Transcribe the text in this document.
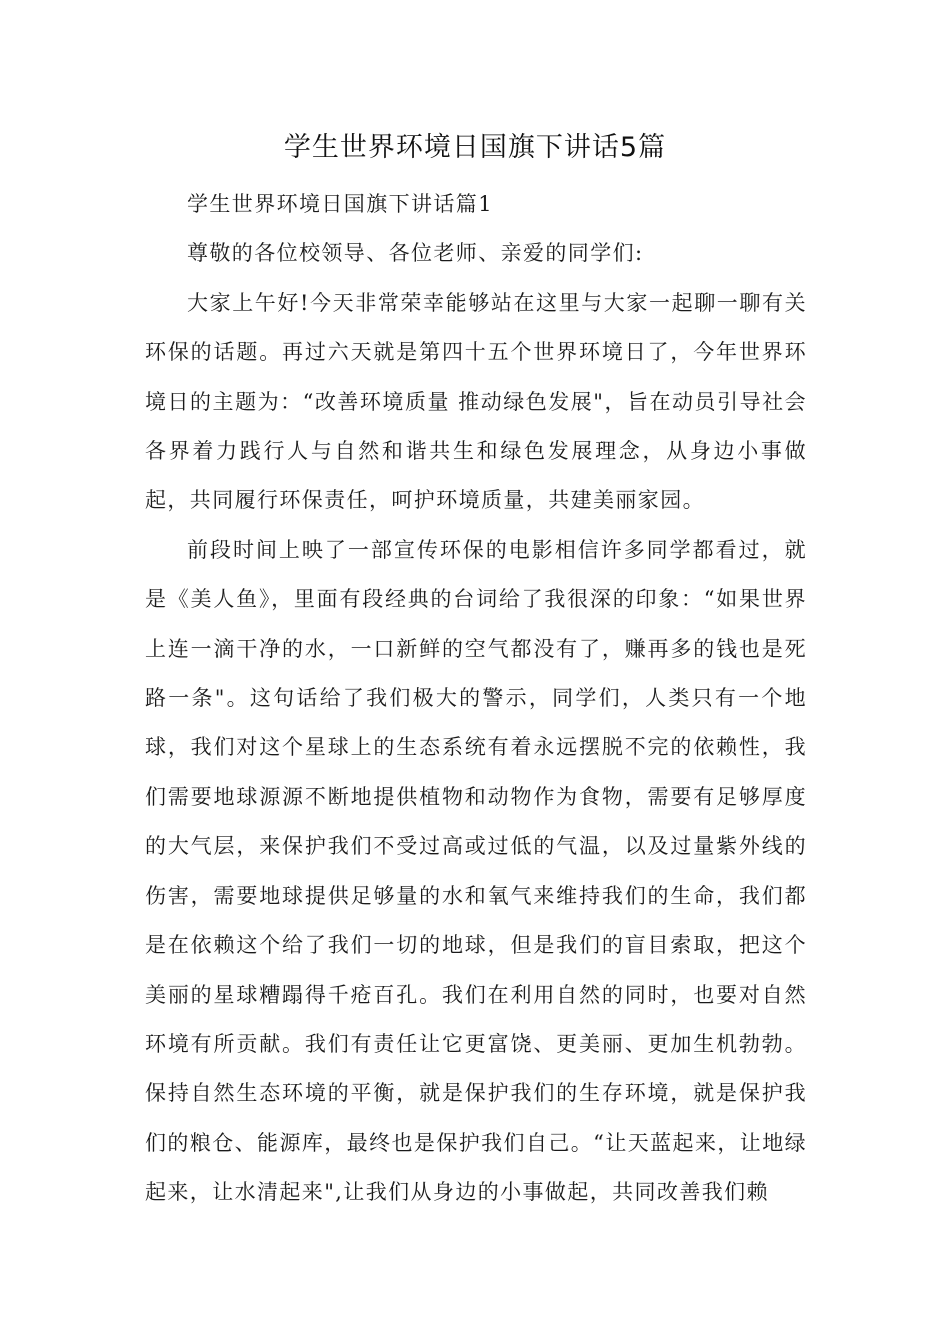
学生世界环境日国旗下讲话5篇

学生世界环境日国旗下讲话篇1

尊敬的各位校领导、各位老师、亲爱的同学们:

大家上午好!今天非常荣幸能够站在这里与大家一起聊一聊有关环保的话题。再过六天就是第四十五个世界环境日了，今年世界环境日的主题为：“改善环境质量 推动绿色发展"，旨在动员引导社会各界着力践行人与自然和谐共生和绿色发展理念，从身边小事做起，共同履行环保责任，呵护环境质量，共建美丽家园。

前段时间上映了一部宣传环保的电影相信许多同学都看过，就是《美人鱼》，里面有段经典的台词给了我很深的印象：“如果世界上连一滴干净的水，一口新鲜的空气都没有了，赚再多的钱也是死路一条"。这句话给了我们极大的警示，同学们，人类只有一个地球，我们对这个星球上的生态系统有着永远摆脱不完的依赖性，我们需要地球源源不断地提供植物和动物作为食物，需要有足够厚度的大气层，来保护我们不受过高或过低的气温，以及过量紫外线的伤害，需要地球提供足够量的水和氧气来维持我们的生命，我们都是在依赖这个给了我们一切的地球，但是我们的盲目索取，把这个美丽的星球糟蹋得千疮百孔。我们在利用自然的同时，也要对自然环境有所贡献。我们有责任让它更富饶、更美丽、更加生机勃勃。保持自然生态环境的平衡，就是保护我们的生存环境，就是保护我们的粮仓、能源库，最终也是保护我们自己。“让天蓝起来，让地绿起来，让水清起来",让我们从身边的小事做起，共同改善我们赖
